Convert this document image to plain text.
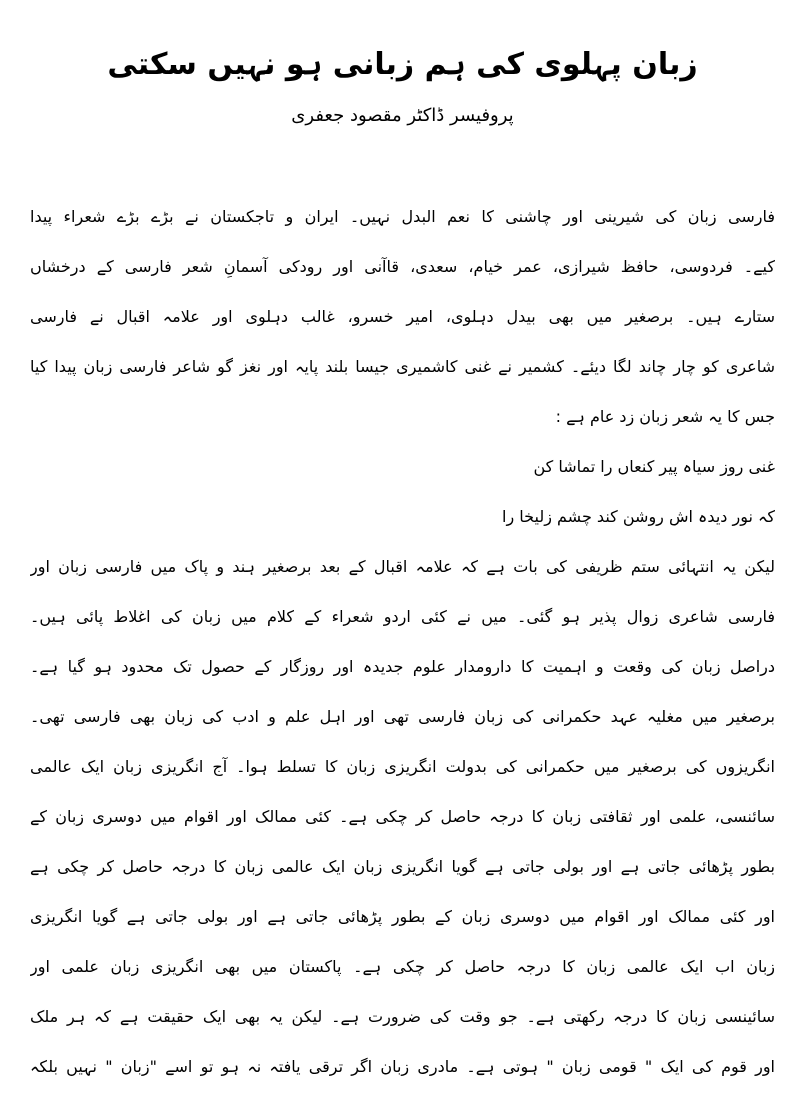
زبان پہلوی کی ہم زبانی ہو نہیں سکتی
پروفیسر ڈاکٹر مقصود جعفری
فارسی زبان کی شیرینی اور چاشنی کا نعم البدل نہیں۔ ایران و تاجکستان نے بڑے بڑے شعراء پیدا
کیے۔ فردوسی، حافظ شیرازی، عمر خیام، سعدی، قاآنی اور رودکی آسمانِ شعر فارسی کے درخشاں
ستارے ہیں۔ برصغیر میں بھی بیدل دہلوی، امیر خسرو، غالب دہلوی اور علامہ اقبال نے فارسی
شاعری کو چار چاند لگا دیئے۔ کشمیر نے غنی کاشمیری جیسا بلند پایہ اور نغز گو شاعر فارسی زبان پیدا کیا
جس کا یہ شعر زبان زد عام ہے :
غنی روز سیاہ پیر کنعاں را تماشا کن
کہ نور دیدہ اش روشن کند چشم زلیخا را
لیکن یہ انتہائی ستم ظریفی کی بات ہے کہ علامہ اقبال کے بعد برصغیر ہند و پاک میں فارسی زبان اور
فارسی شاعری زوال پذیر ہو گئی۔ میں نے کئی اردو شعراء کے کلام میں زبان کی اغلاط پائی ہیں۔
دراصل زبان کی وقعت و اہمیت کا دارومدار علوم جدیدہ اور روزگار کے حصول تک محدود ہو گیا ہے۔
برصغیر میں مغلیہ عہد حکمرانی کی زبان فارسی تھی اور اہل علم و ادب کی زبان بھی فارسی تھی۔
انگریزوں کی برصغیر میں حکمرانی کی بدولت انگریزی زبان کا تسلط ہوا۔ آج انگریزی زبان ایک عالمی
سائنسی، علمی اور ثقافتی زبان کا درجہ حاصل کر چکی ہے۔ کئی ممالک اور اقوام میں دوسری زبان کے
بطور پڑھائی جاتی ہے اور بولی جاتی ہے گویا انگریزی زبان ایک عالمی زبان کا درجہ حاصل کر چکی ہے
اور کئی ممالک اور اقوام میں دوسری زبان کے بطور پڑھائی جاتی ہے اور بولی جاتی ہے گویا انگریزی
زبان اب ایک عالمی زبان کا درجہ حاصل کر چکی ہے۔ پاکستان میں بھی انگریزی زبان علمی اور
سائینسی زبان کا درجہ رکھتی ہے۔ جو وقت کی ضرورت ہے۔ لیکن یہ بھی ایک حقیقت ہے کہ ہر ملک
اور قوم کی ایک " قومی زبان " ہوتی ہے۔ مادری زبان اگر ترقی یافتہ نہ ہو تو اسے "زبان " نہیں بلکہ
